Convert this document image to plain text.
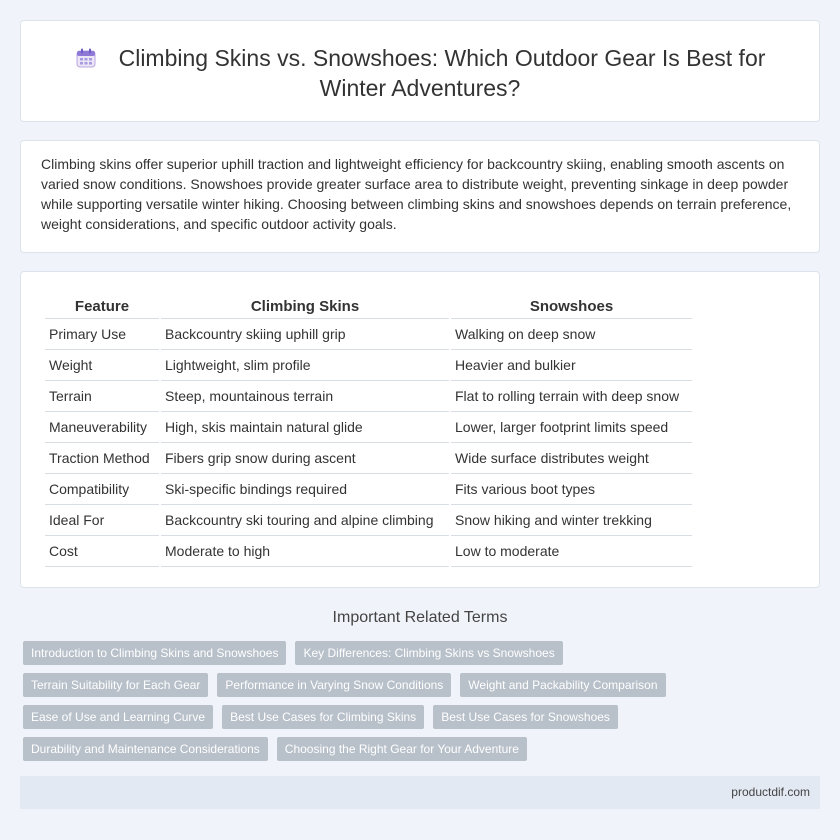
Climbing Skins vs. Snowshoes: Which Outdoor Gear Is Best for Winter Adventures?

Climbing skins offer superior uphill traction and lightweight efficiency for backcountry skiing, enabling smooth ascents on varied snow conditions. Snowshoes provide greater surface area to distribute weight, preventing sinkage in deep powder while supporting versatile winter hiking. Choosing between climbing skins and snowshoes depends on terrain preference, weight considerations, and specific outdoor activity goals.

Feature	Climbing Skins	Snowshoes
Primary Use	Backcountry skiing uphill grip	Walking on deep snow
Weight	Lightweight, slim profile	Heavier and bulkier
Terrain	Steep, mountainous terrain	Flat to rolling terrain with deep snow
Maneuverability	High, skis maintain natural glide	Lower, larger footprint limits speed
Traction Method	Fibers grip snow during ascent	Wide surface distributes weight
Compatibility	Ski-specific bindings required	Fits various boot types
Ideal For	Backcountry ski touring and alpine climbing	Snow hiking and winter trekking
Cost	Moderate to high	Low to moderate
Important Related Terms
Introduction to Climbing Skins and Snowshoes	Key Differences: Climbing Skins vs Snowshoes
Terrain Suitability for Each Gear	Performance in Varying Snow Conditions	Weight and Packability Comparison
Ease of Use and Learning Curve	Best Use Cases for Climbing Skins	Best Use Cases for Snowshoes
Durability and Maintenance Considerations	Choosing the Right Gear for Your Adventure
productdif.com
